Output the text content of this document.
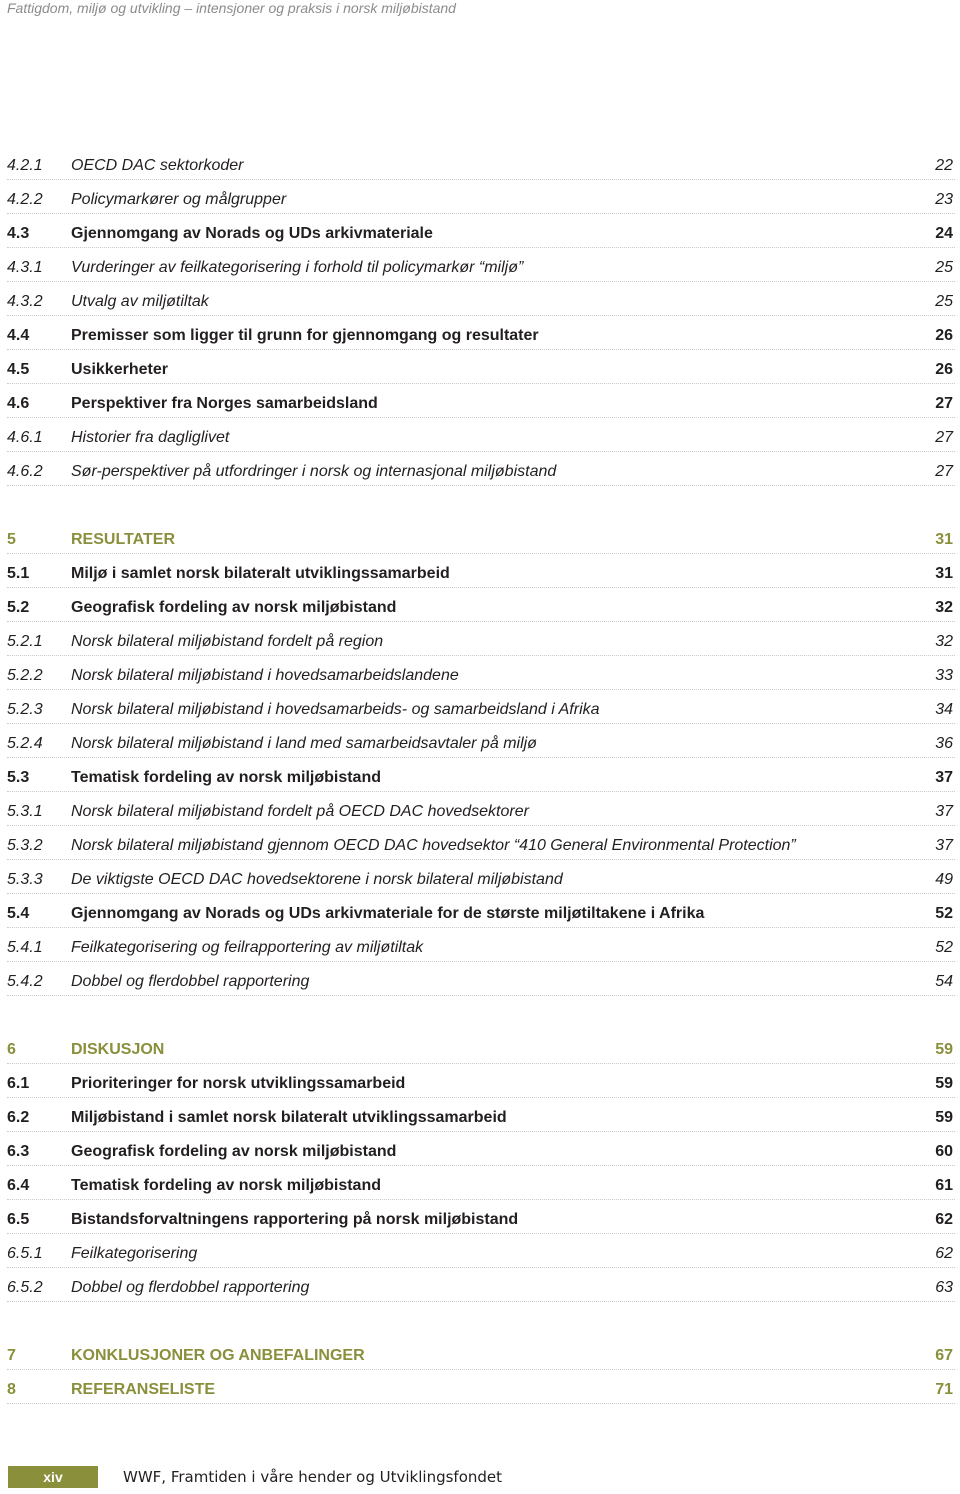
Fattigdom, miljø og utvikling – intensjoner og praksis i norsk miljøbistand
4.2.1 OECD DAC sektorkoder	22
4.2.2 Policymarkører og målgrupper	23
4.3	Gjennomgang av Norads og UDs arkivmateriale	24
4.3.1 Vurderinger av feilkategorisering i forhold til policymarkør “miljø”	25
4.3.2 Utvalg av miljøtiltak	25
4.4	Premisser som ligger til grunn for gjennomgang og resultater	26
4.5	Usikkerheter	26
4.6	Perspektiver fra Norges samarbeidsland	27
4.6.1 Historier fra dagliglivet	27
4.6.2 Sør-perspektiver på utfordringer i norsk og internasjonal miljøbistand	27
5	RESULTATER	31
5.1	Miljø i samlet norsk bilateralt utviklingssamarbeid	31
5.2	Geografisk fordeling av norsk miljøbistand	32
5.2.1 Norsk bilateral miljøbistand fordelt på region	32
5.2.2 Norsk bilateral miljøbistand i hovedsamarbeidslandene	33
5.2.3 Norsk bilateral miljøbistand i hovedsamarbeids- og samarbeidsland i Afrika	34
5.2.4 Norsk bilateral miljøbistand i land med samarbeidsavtaler på miljø	36
5.3	Tematisk fordeling av norsk miljøbistand	37
5.3.1 Norsk bilateral miljøbistand fordelt på OECD DAC hovedsektorer	37
5.3.2 Norsk bilateral miljøbistand gjennom OECD DAC hovedsektor “410 General Environmental Protection”	37
5.3.3 De viktigste OECD DAC hovedsektorene i norsk bilateral miljøbistand	49
5.4	Gjennomgang av Norads og UDs arkivmateriale for de største miljøtiltakene i Afrika	52
5.4.1 Feilkategorisering og feilrapportering av miljøtiltak	52
5.4.2 Dobbel og flerdobbel rapportering	54
6	DISKUSJON	59
6.1	Prioriteringer for norsk utviklingssamarbeid	59
6.2	Miljøbistand i samlet norsk bilateralt utviklingssamarbeid	59
6.3	Geografisk fordeling av norsk miljøbistand	60
6.4	Tematisk fordeling av norsk miljøbistand	61
6.5	Bistandsforvaltningens rapportering på norsk miljøbistand	62
6.5.1 Feilkategorisering	62
6.5.2 Dobbel og flerdobbel rapportering	63
7	KONKLUSJONER OG ANBEFALINGER	67
8	REFERANSELISTE	71
xiv	WWF, Framtiden i våre hender og Utviklingsfondet
